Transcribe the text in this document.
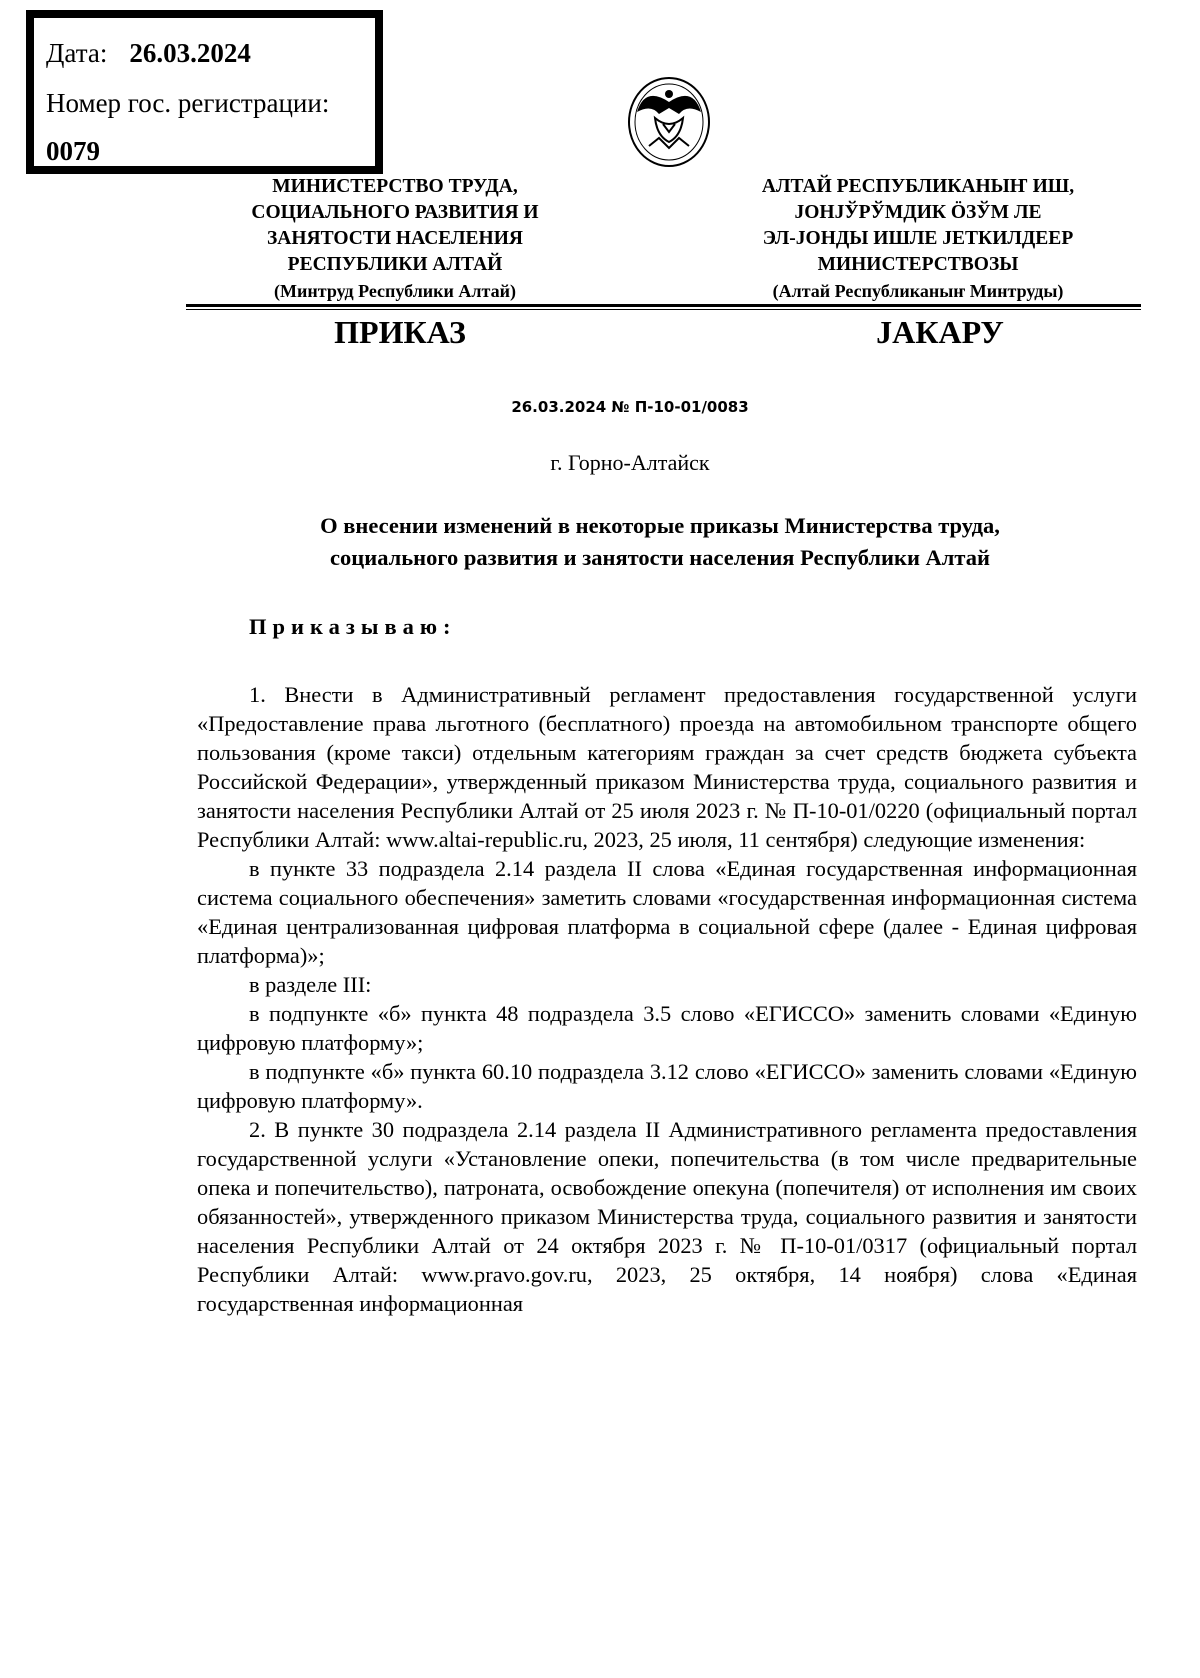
Дата: 26.03.2024
Номер гос. регистрации:
0079
МИНИСТЕРСТВО ТРУДА,
СОЦИАЛЬНОГО РАЗВИТИЯ И
ЗАНЯТОСТИ НАСЕЛЕНИЯ
РЕСПУБЛИКИ АЛТАЙ
(Минтруд Республики Алтай)
АЛТАЙ РЕСПУБЛИКАНЫҤ ИШ,
ЈОНЈЎРЎМДИК ÖЗЎМ ЛЕ
ЭЛ-ЈОНДЫ ИШЛЕ ЈЕТКИЛДЕЕР
МИНИСТЕРСТВОЗЫ
(Алтай Республиканыҥ Минтруды)
ПРИКАЗ	ЈАКАРУ
26.03.2024 № П-10-01/0083
г. Горно-Алтайск
О внесении изменений в некоторые приказы Министерства труда,
социального развития и занятости населения Республики Алтай
Приказываю:

1. Внести в Административный регламент предоставления государственной услуги «Предоставление права льготного (бесплатного) проезда на автомобильном транспорте общего пользования (кроме такси) отдельным категориям граждан за счет средств бюджета субъекта Российской Федерации», утвержденный приказом Министерства труда, социального развития и занятости населения Республики Алтай от 25 июля 2023 г. № П-10-01/0220 (официальный портал Республики Алтай: www.altai-republic.ru, 2023, 25 июля, 11 сентября) следующие изменения:

в пункте 33 подраздела 2.14 раздела II слова «Единая государственная информационная система социального обеспечения» заметить словами «государственная информационная система «Единая централизованная цифровая платформа в социальной сфере (далее - Единая цифровая платформа)»;

в разделе III:

в подпункте «б» пункта 48 подраздела 3.5 слово «ЕГИССО» заменить словами «Единую цифровую платформу»;

в подпункте «б» пункта 60.10 подраздела 3.12 слово «ЕГИССО» заменить словами «Единую цифровую платформу».

2. В пункте 30 подраздела 2.14 раздела II Административного регламента предоставления государственной услуги «Установление опеки, попечительства (в том числе предварительные опека и попечительство), патроната, освобождение опекуна (попечителя) от исполнения им своих обязанностей», утвержденного приказом Министерства труда, социального развития и занятости населения Республики Алтай от 24 октября 2023 г. № П-10-01/0317 (официальный портал Республики Алтай: www.pravo.gov.ru, 2023, 25 октября, 14 ноября) слова «Единая государственная информационная
